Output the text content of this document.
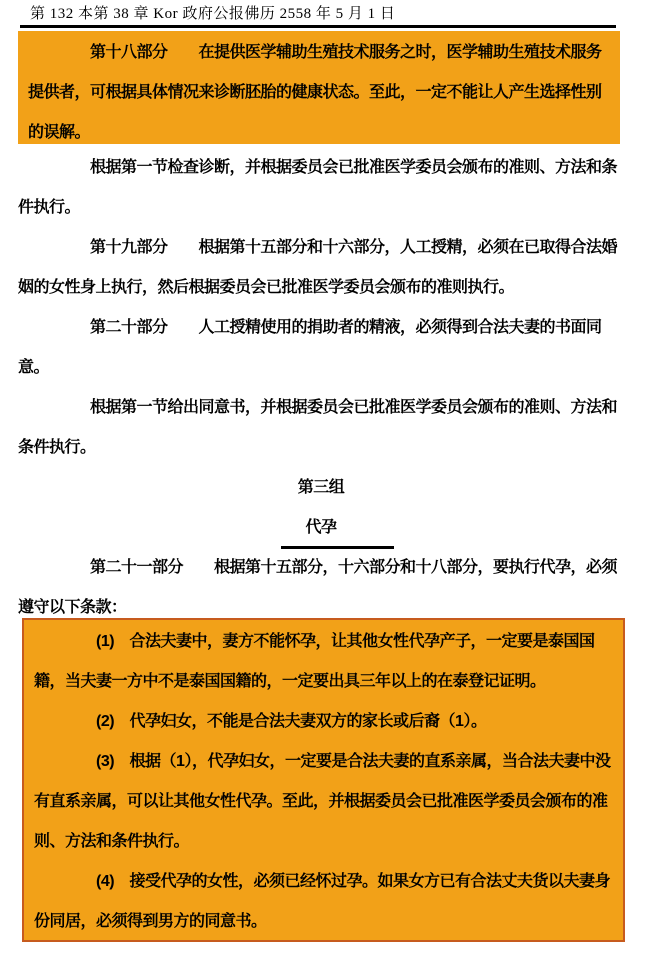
第 132 本第 38 章 Kor 政府公报佛历 2558 年 5 月 1 日

第十八部分　　在提供医学辅助生殖技术服务之时，医学辅助生殖技术服务提供者，可根据具体情况来诊断胚胎的健康状态。至此，一定不能让人产生选择性别的误解。

根据第一节检查诊断，并根据委员会已批准医学委员会颁布的准则、方法和条件执行。

第十九部分　　根据第十五部分和十六部分，人工授精，必须在已取得合法婚姻的女性身上执行，然后根据委员会已批准医学委员会颁布的准则执行。

第二十部分　　人工授精使用的捐助者的精液，必须得到合法夫妻的书面同意。

根据第一节给出同意书，并根据委员会已批准医学委员会颁布的准则、方法和条件执行。

第三组

代孕

第二十一部分　　根据第十五部分，十六部分和十八部分，要执行代孕，必须遵守以下条款：

(1)　合法夫妻中，妻方不能怀孕，让其他女性代孕产子，一定要是泰国国籍，当夫妻一方中不是泰国国籍的，一定要出具三年以上的在泰登记证明。

(2)　代孕妇女，不能是合法夫妻双方的家长或后裔（1）。

(3)　根据（1），代孕妇女，一定要是合法夫妻的直系亲属，当合法夫妻中没有直系亲属，可以让其他女性代孕。至此，并根据委员会已批准医学委员会颁布的准则、方法和条件执行。

(4)　接受代孕的女性，必须已经怀过孕。如果女方已有合法丈夫货以夫妻身份同居，必须得到男方的同意书。
